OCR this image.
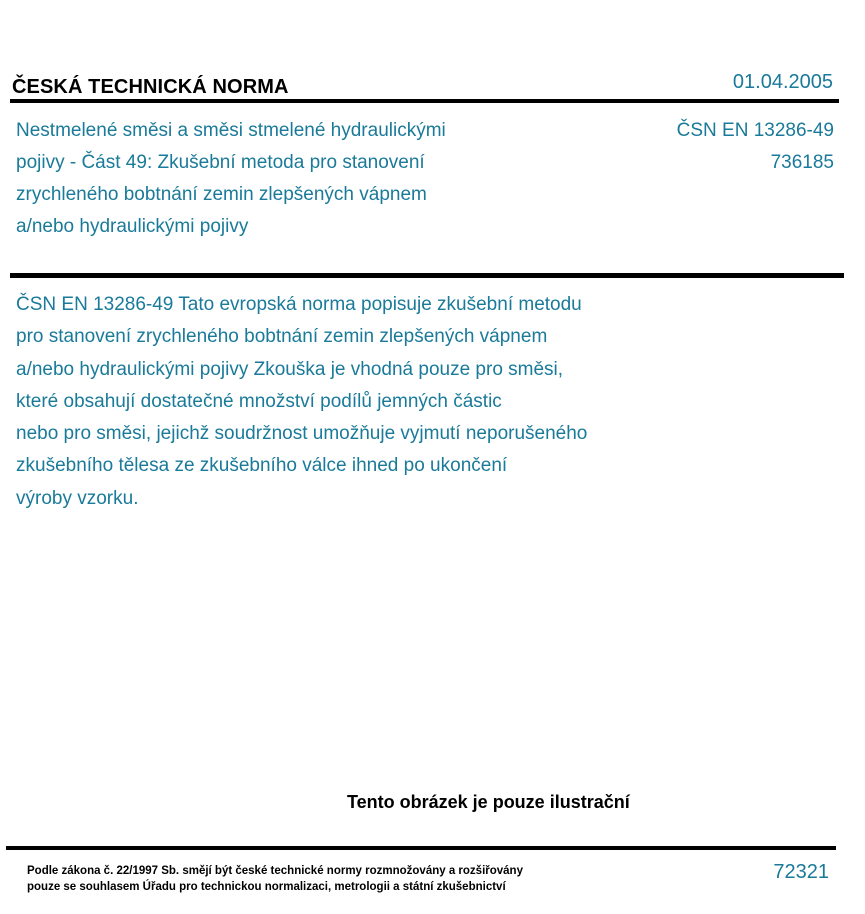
ČESKÁ TECHNICKÁ NORMA	01.04.2005
Nestmelené směsi a směsi stmelené hydraulickými
pojivy - Část 49: Zkušební metoda pro stanovení
zrychleného bobtnání zemin zlepšených vápnem
a/nebo hydraulickými pojivy
ČSN EN 13286-49
736185
ČSN EN 13286-49 Tato evropská norma popisuje zkušební metodu
pro stanovení zrychleného bobtnání zemin zlepšených vápnem
a/nebo hydraulickými pojivy Zkouška je vhodná pouze pro směsi,
které obsahují dostatečné množství podílů jemných částic
nebo pro směsi, jejichž soudržnost umožňuje vyjmutí neporušeného
zkušebního tělesa ze zkušebního válce ihned po ukončení
výroby vzorku.
Tento obrázek je pouze ilustrační
Podle zákona č. 22/1997 Sb. smějí být české technické normy rozmnožovány a rozšiřovány
pouze se souhlasem Úřadu pro technickou normalizaci, metrologii a státní zkušebnictví
72321
